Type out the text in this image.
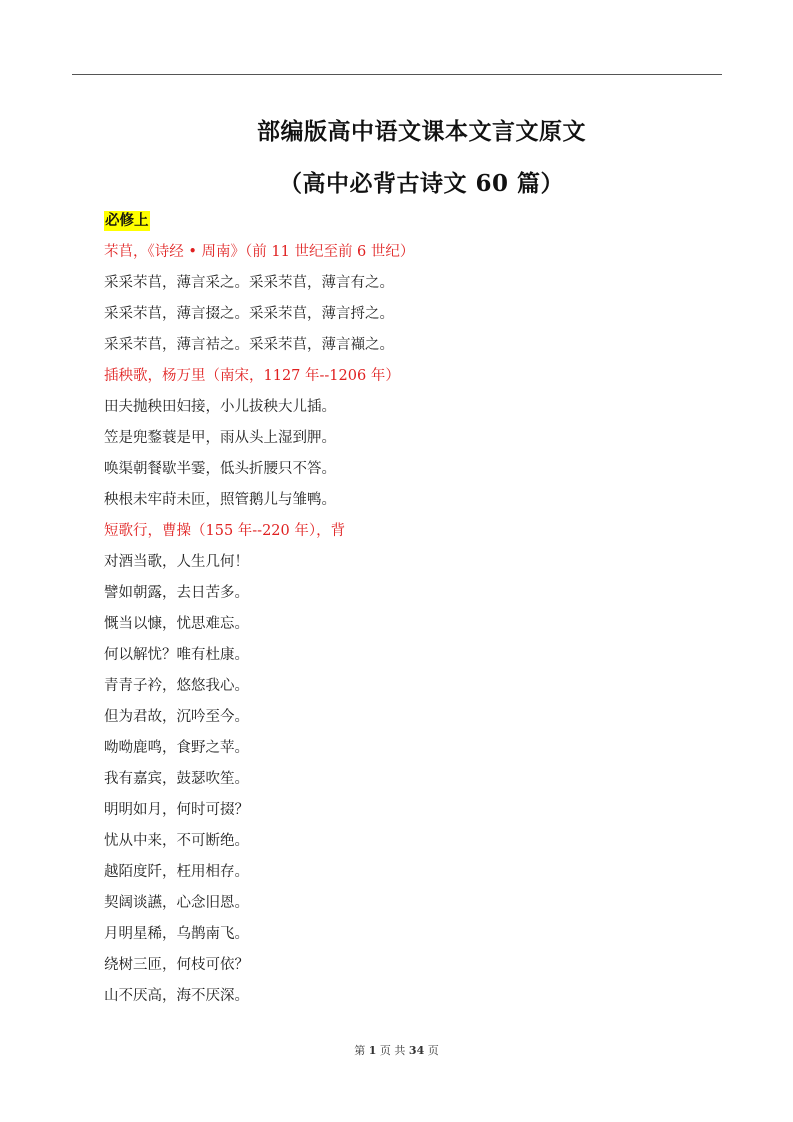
部编版高中语文课本文言文原文
（高中必背古诗文 60 篇）
必修上
芣苢，《诗经 • 周南》（前 11 世纪至前 6 世纪）
采采芣苢，薄言采之。采采芣苢，薄言有之。
采采芣苢，薄言掇之。采采芣苢，薄言捋之。
采采芣苢，薄言袺之。采采芣苢，薄言襭之。
插秧歌，杨万里（南宋，1127 年--1206 年）
田夫抛秧田妇接，小儿拔秧大儿插。
笠是兜鍪蓑是甲，雨从头上湿到胛。
唤渠朝餐歇半霎，低头折腰只不答。
秧根未牢莳未匝，照管鹅儿与雏鸭。
短歌行，曹操（155 年--220 年），背
对酒当歌，人生几何！
譬如朝露，去日苦多。
慨当以慷，忧思难忘。
何以解忧？唯有杜康。
青青子衿，悠悠我心。
但为君故，沉吟至今。
呦呦鹿鸣，食野之苹。
我有嘉宾，鼓瑟吹笙。
明明如月，何时可掇？
忧从中来，不可断绝。
越陌度阡，枉用相存。
契阔谈讌，心念旧恩。
月明星稀，乌鹊南飞。
绕树三匝，何枝可依？
山不厌高，海不厌深。
第 1 页 共 34 页
